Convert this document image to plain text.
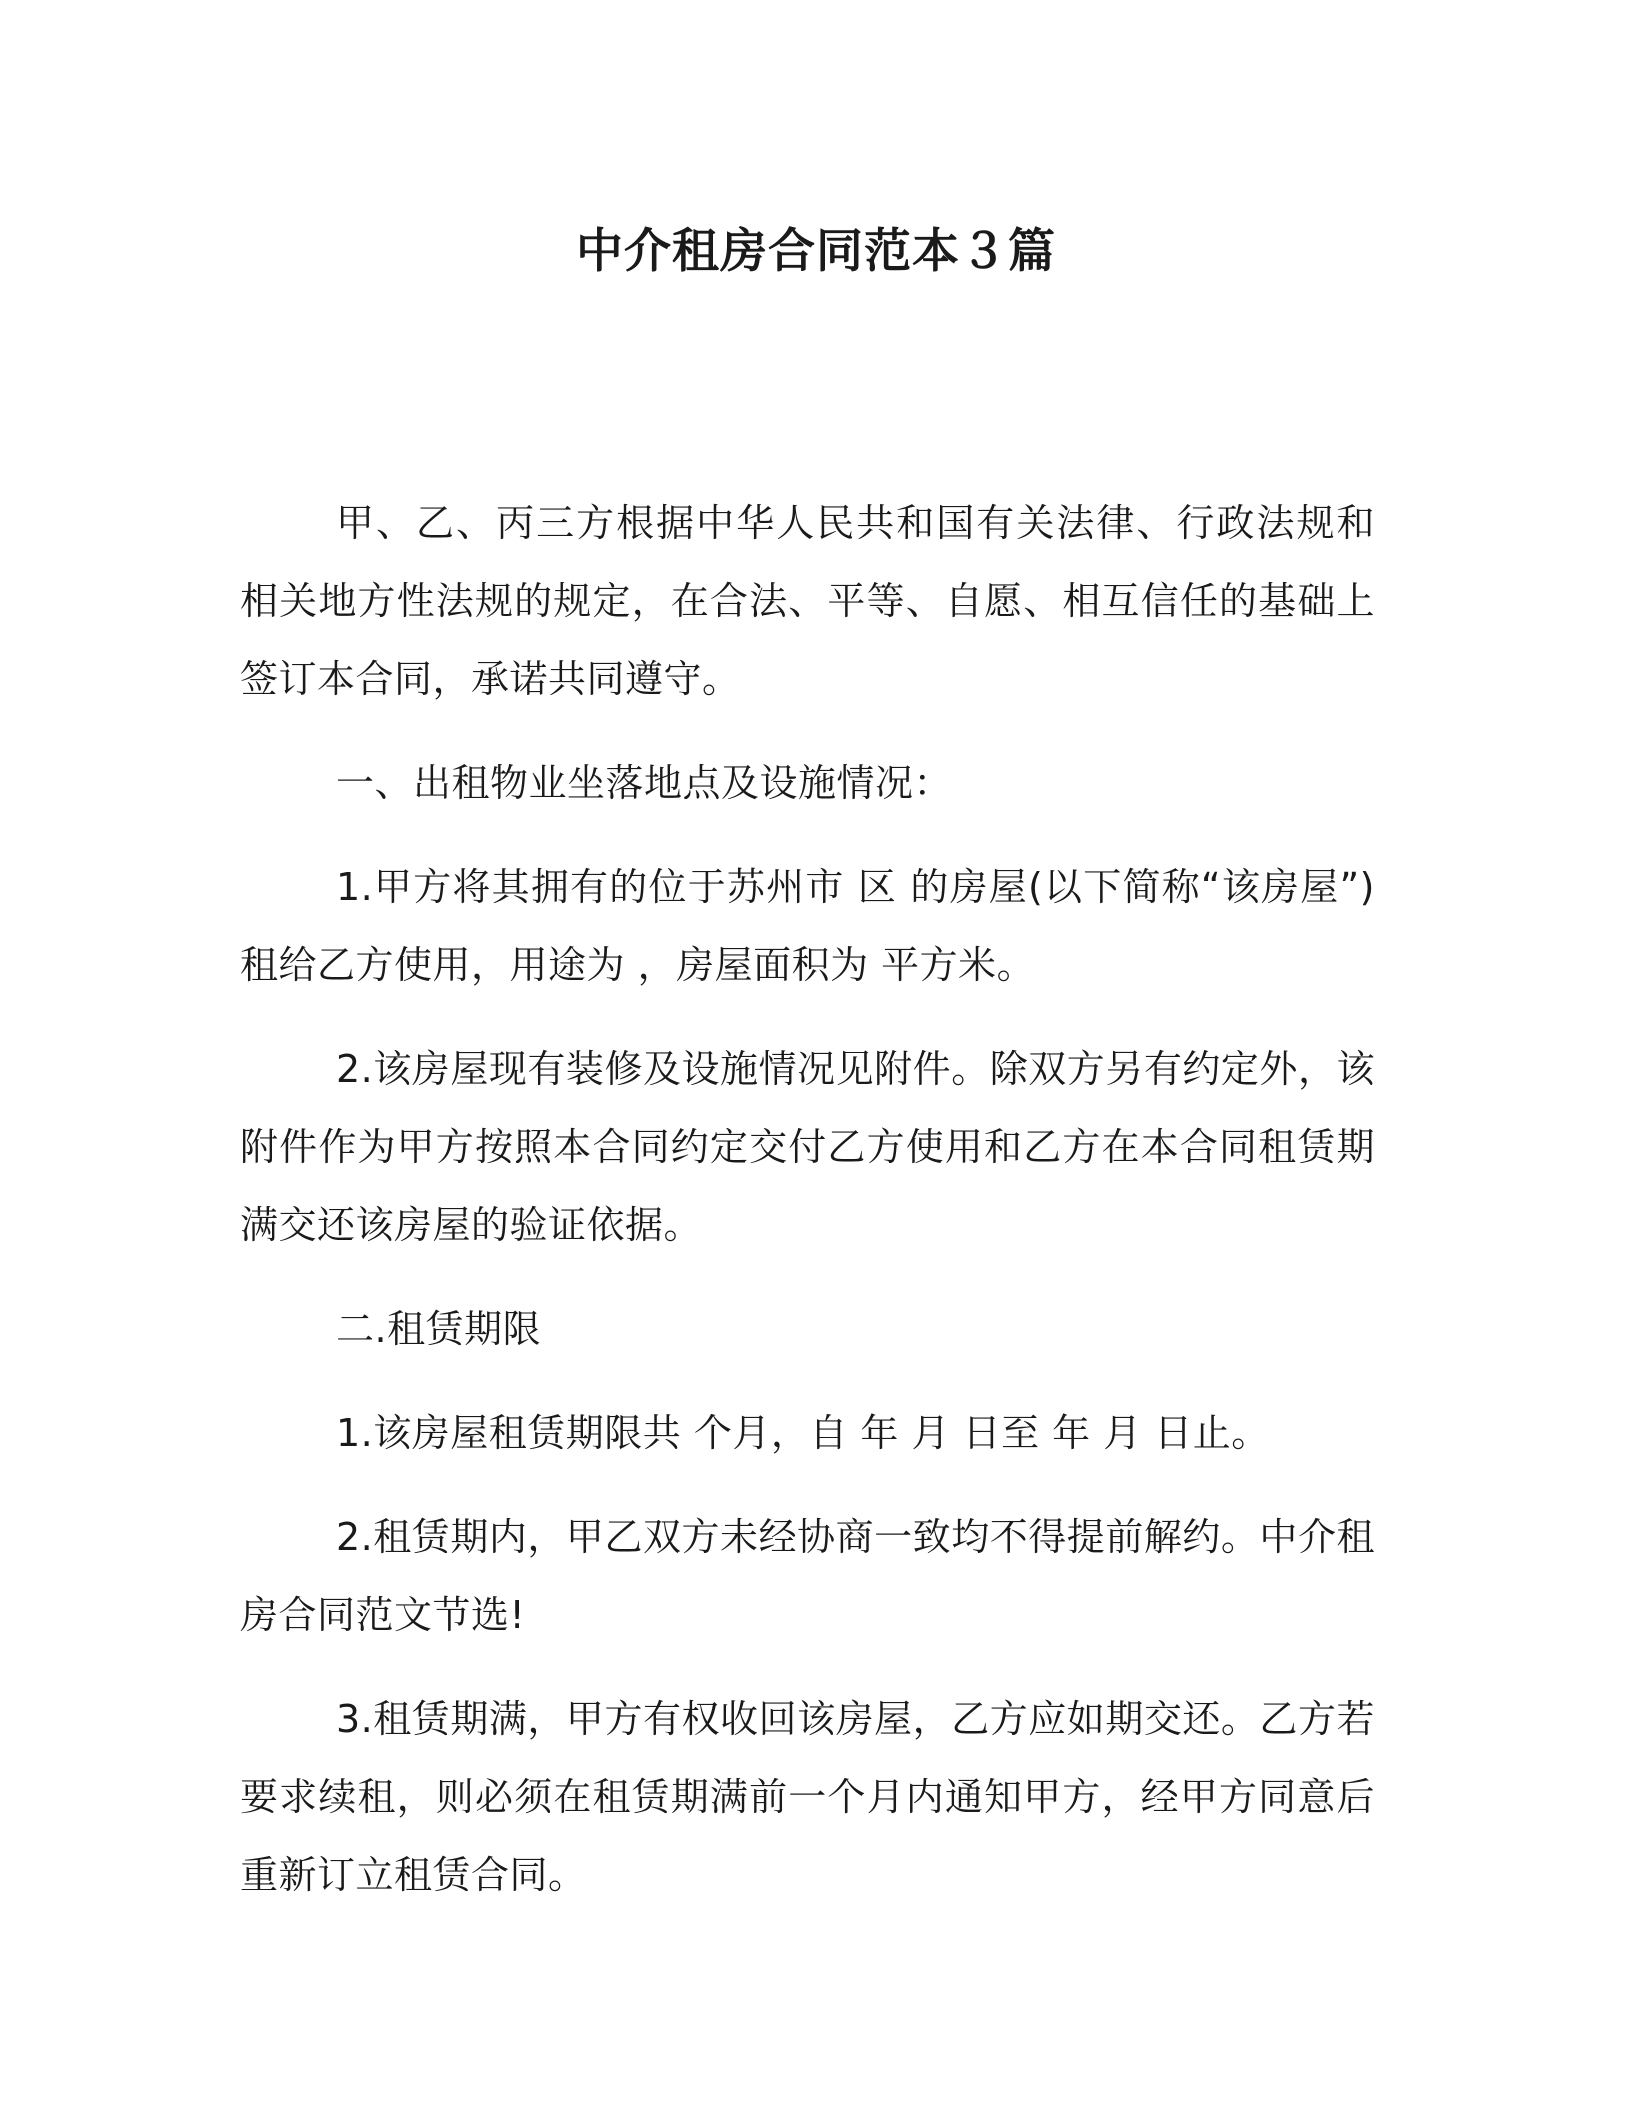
中介租房合同范本３篇

甲、乙、丙三方根据中华人民共和国有关法律、行政法规和相关地方性法规的规定，在合法、平等、自愿、相互信任的基础上签订本合同，承诺共同遵守。

一、出租物业坐落地点及设施情况：

1.甲方将其拥有的位于苏州市 区 的房屋(以下简称“该房屋”)租给乙方使用，用途为 ，房屋面积为 平方米。

2.该房屋现有装修及设施情况见附件。除双方另有约定外，该附件作为甲方按照本合同约定交付乙方使用和乙方在本合同租赁期满交还该房屋的验证依据。

二.租赁期限

1.该房屋租赁期限共 个月，自 年 月 日至 年 月 日止。

2.租赁期内，甲乙双方未经协商一致均不得提前解约。中介租房合同范文节选!

3.租赁期满，甲方有权收回该房屋，乙方应如期交还。乙方若要求续租，则必须在租赁期满前一个月内通知甲方，经甲方同意后重新订立租赁合同。
